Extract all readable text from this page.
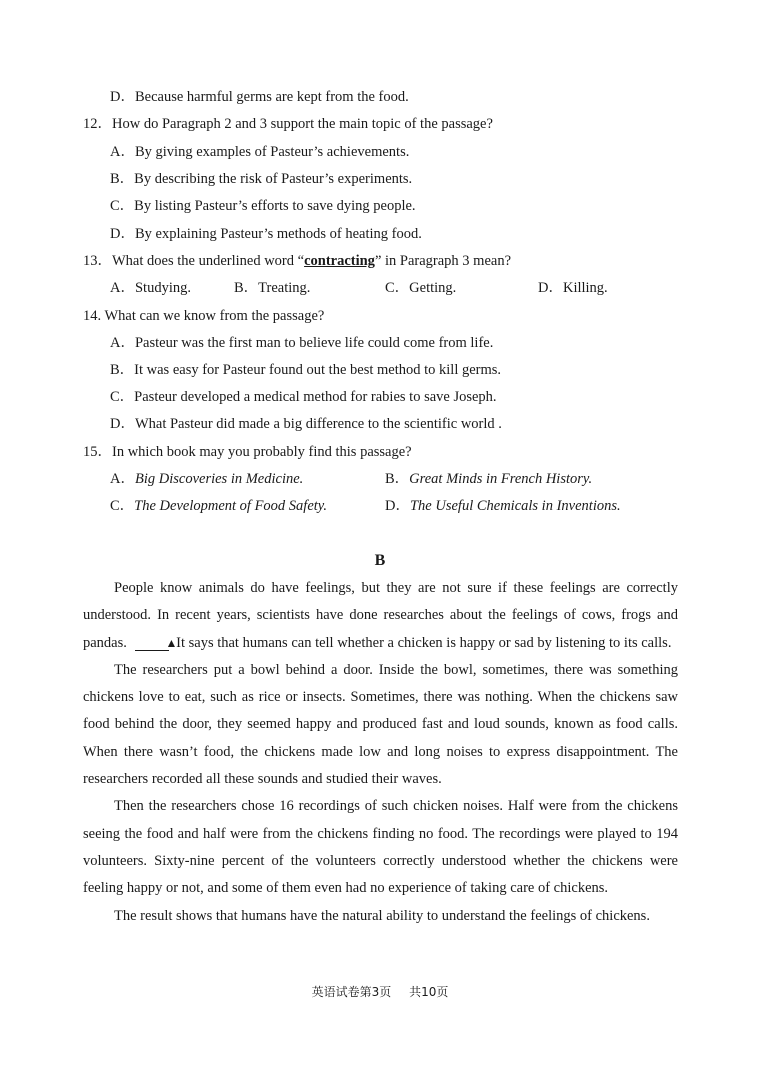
D．Because harmful germs are kept from the food.
12．How do Paragraph 2 and 3 support the main topic of the passage?
A．By giving examples of Pasteur’s achievements.
B．By describing the risk of Pasteur’s experiments.
C．By listing Pasteur’s efforts to save dying people.
D．By explaining Pasteur’s methods of heating food.
13．What does the underlined word “contracting” in Paragraph 3 mean?
A．Studying.	B．Treating.	C．Getting.	D．Killing.
14. What can we know from the passage?
A．Pasteur was the first man to believe life could come from life.
B．It was easy for Pasteur found out the best method to kill germs.
C．Pasteur developed a medical method for rabies to save Joseph.
D．What Pasteur did made a big difference to the scientific world .
15．In which book may you probably find this passage?
A．Big Discoveries in Medicine.	B．Great Minds in French History.
C．The Development of Food Safety.	D．The Useful Chemicals in Inventions.
B

People know animals do have feelings, but they are not sure if these feelings are correctly understood. In recent years, scientists have done researches about the feelings of cows, frogs and pandas.	▲ It says that humans can tell whether a chicken is happy or sad by listening to its calls.

The researchers put a bowl behind a door. Inside the bowl, sometimes, there was something chickens love to eat, such as rice or insects. Sometimes, there was nothing. When the chickens saw food behind the door, they seemed happy and produced fast and loud sounds, known as food calls. When there wasn’t food, the chickens made low and long noises to express disappointment. The researchers recorded all these sounds and studied their waves.

Then the researchers chose 16 recordings of such chicken noises. Half were from the chickens seeing the food and half were from the chickens finding no food. The recordings were played to 194 volunteers. Sixty-nine percent of the volunteers correctly understood whether the chickens were feeling happy or not, and some of them even had no experience of taking care of chickens.

The result shows that humans have the natural ability to understand the feelings of chickens.

英语试卷第3页 共10页
